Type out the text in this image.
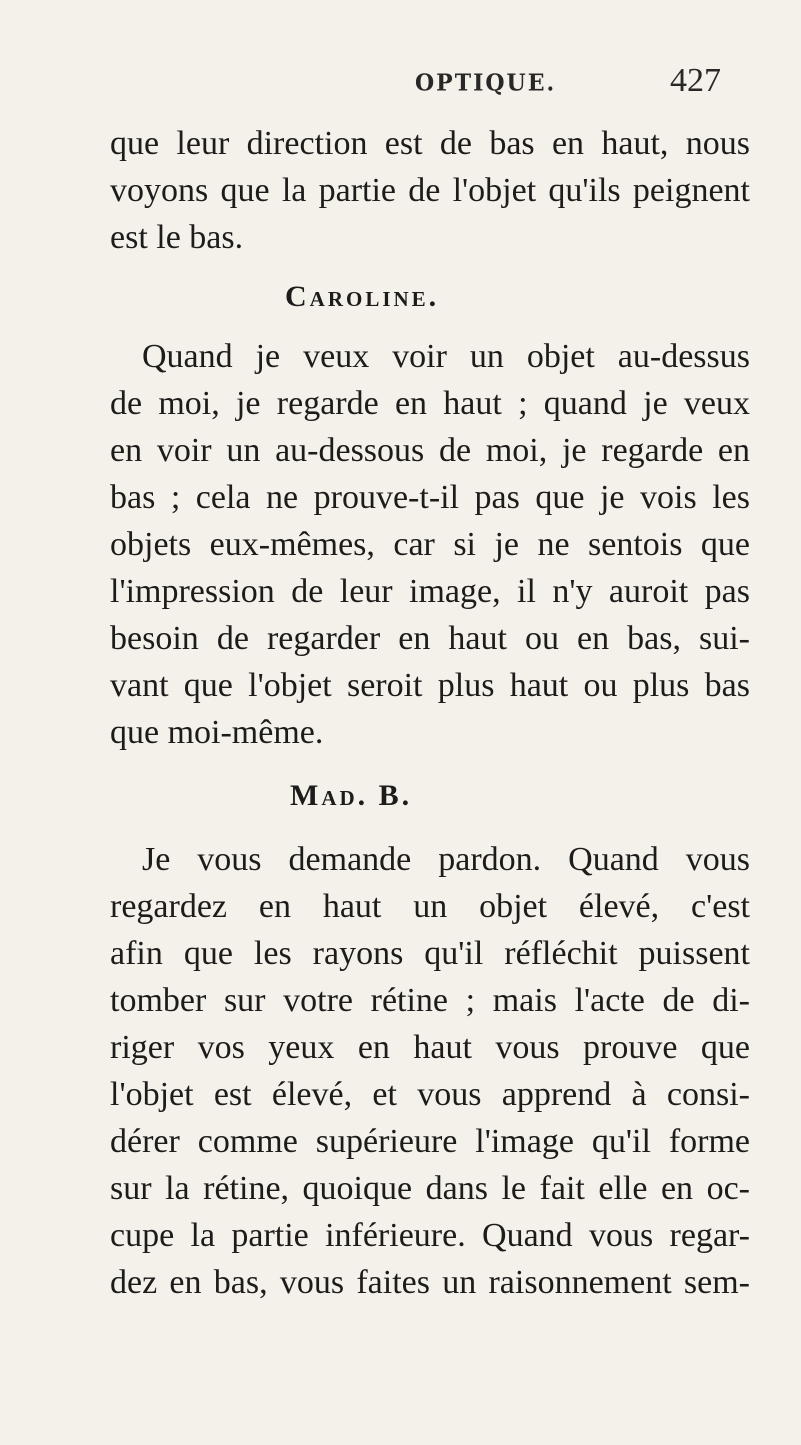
OPTIQUE.	427
que leur direction est de bas en haut, nous
voyons que la partie de l'objet qu'ils peignent
est le bas.
Caroline.
Quand je veux voir un objet au-dessus
de moi, je regarde en haut ; quand je veux
en voir un au-dessous de moi, je regarde en
bas ; cela ne prouve-t-il pas que je vois les
objets eux-mêmes, car si je ne sentois que
l'impression de leur image, il n'y auroit pas
besoin de regarder en haut ou en bas, sui-
vant que l'objet seroit plus haut ou plus bas
que moi-même.
Mad. B.
Je vous demande pardon. Quand vous
regardez en haut un objet élevé, c'est
afin que les rayons qu'il réfléchit puissent
tomber sur votre rétine ; mais l'acte de di-
riger vos yeux en haut vous prouve que
l'objet est élevé, et vous apprend à consi-
dérer comme supérieure l'image qu'il forme
sur la rétine, quoique dans le fait elle en oc-
cupe la partie inférieure. Quand vous regar-
dez en bas, vous faites un raisonnement sem-
